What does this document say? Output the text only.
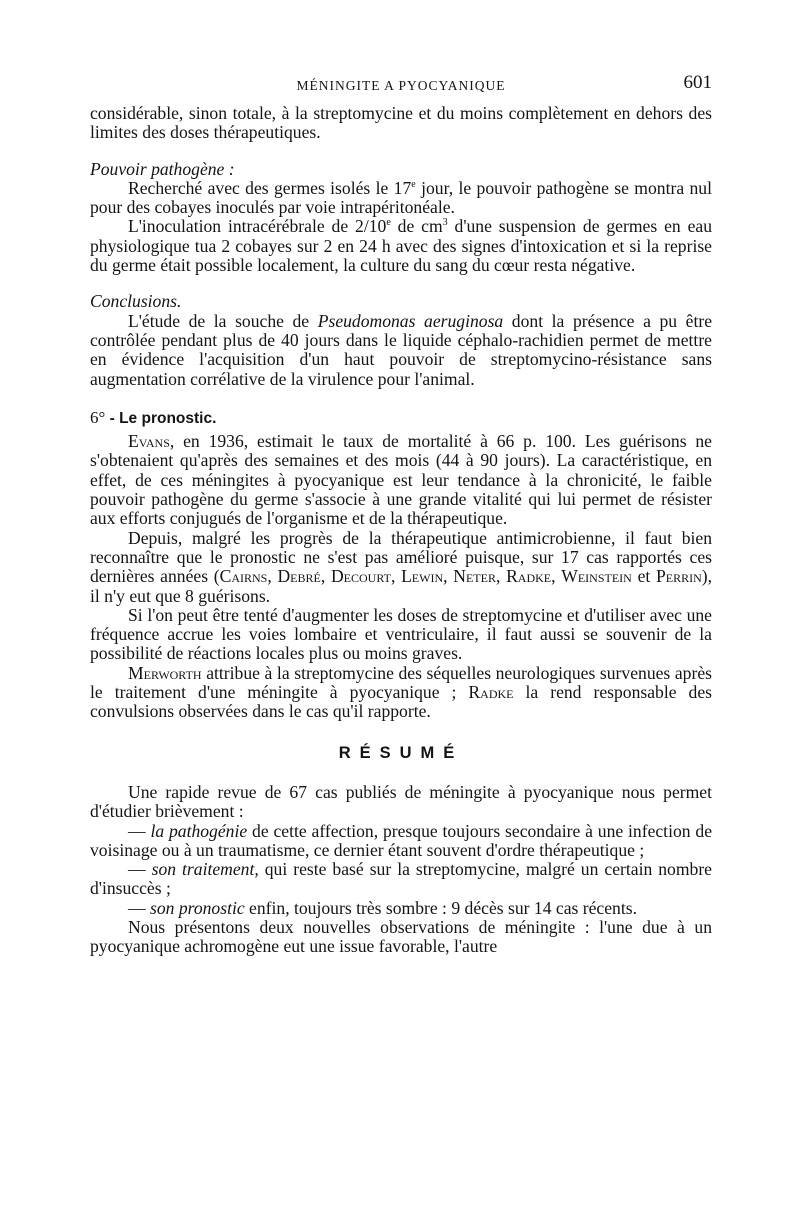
MÉNINGITE A PYOCYANIQUE	601

considérable, sinon totale, à la streptomycine et du moins complètement en dehors des limites des doses thérapeutiques.

Pouvoir pathogène :

Recherché avec des germes isolés le 17e jour, le pouvoir pathogène se montra nul pour des cobayes inoculés par voie intrapéritonéale.

L'inoculation intracérébrale de 2/10e de $cm^3$ d'une suspension de germes en eau physiologique tua 2 cobayes sur 2 en 24 h avec des signes d'intoxication et si la reprise du germe était possible localement, la culture du sang du cœur resta négative.

Conclusions.

L'étude de la souche de Pseudomonas aeruginosa dont la présence a pu être contrôlée pendant plus de 40 jours dans le liquide céphalo-rachidien permet de mettre en évidence l'acquisition d'un haut pouvoir de streptomycino-résistance sans augmentation corrélative de la virulence pour l'animal.

6° - Le pronostic.

Evans, en 1936, estimait le taux de mortalité à 66 p. 100. Les guérisons ne s'obtenaient qu'après des semaines et des mois (44 à 90 jours). La caractéristique, en effet, de ces méningites à pyocyanique est leur tendance à la chronicité, le faible pouvoir pathogène du germe s'associe à une grande vitalité qui lui permet de résister aux efforts conjugués de l'organisme et de la thérapeutique.

Depuis, malgré les progrès de la thérapeutique antimicrobienne, il faut bien reconnaître que le pronostic ne s'est pas amélioré puisque, sur 17 cas rapportés ces dernières années (Cairns, Debré, Decourt, Lewin, Neter, Radke, Weinstein et Perrin), il n'y eut que 8 guérisons.

Si l'on peut être tenté d'augmenter les doses de streptomycine et d'utiliser avec une fréquence accrue les voies lombaire et ventriculaire, il faut aussi se souvenir de la possibilité de réactions locales plus ou moins graves.

Merworth attribue à la streptomycine des séquelles neurologiques survenues après le traitement d'une méningite à pyocyanique ; Radke la rend responsable des convulsions observées dans le cas qu'il rapporte.

RÉSUMÉ

Une rapide revue de 67 cas publiés de méningite à pyocyanique nous permet d'étudier brièvement :

— la pathogénie de cette affection, presque toujours secondaire à une infection de voisinage ou à un traumatisme, ce dernier étant souvent d'ordre thérapeutique ;

— son traitement, qui reste basé sur la streptomycine, malgré un certain nombre d'insuccès ;

— son pronostic enfin, toujours très sombre : 9 décès sur 14 cas récents.

Nous présentons deux nouvelles observations de méningite : l'une due à un pyocyanique achromogène eut une issue favorable, l'autre
